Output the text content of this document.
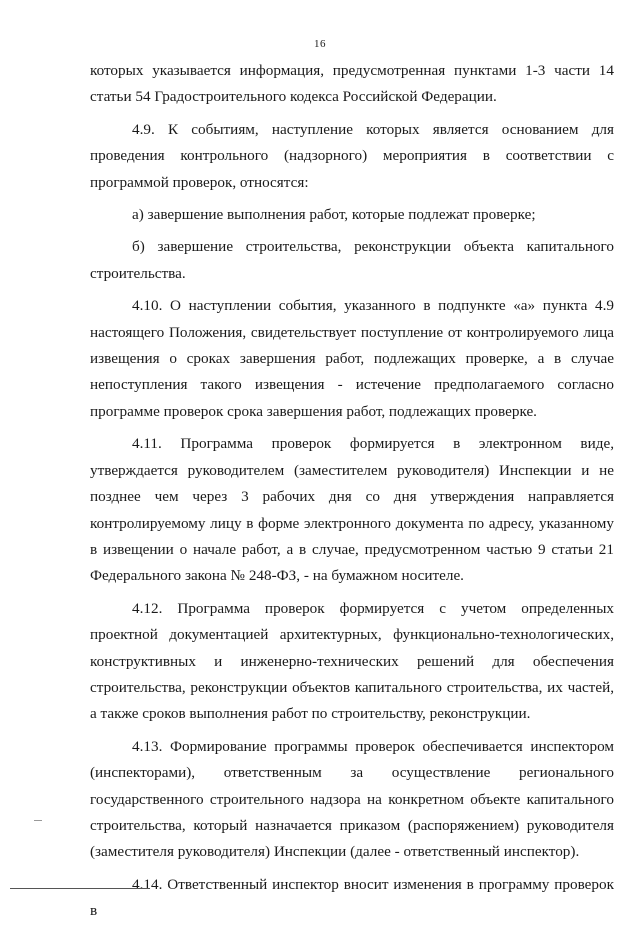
16

которых указывается информация, предусмотренная пунктами 1-3 части 14 статьи 54 Градостроительного кодекса Российской Федерации.

4.9. К событиям, наступление которых является основанием для проведения контрольного (надзорного) мероприятия в соответствии с программой проверок, относятся:

а) завершение выполнения работ, которые подлежат проверке;

б) завершение строительства, реконструкции объекта капитального строительства.

4.10. О наступлении события, указанного в подпункте «а» пункта 4.9 настоящего Положения, свидетельствует поступление от контролируемого лица извещения о сроках завершения работ, подлежащих проверке, а в случае непоступления такого извещения - истечение предполагаемого согласно программе проверок срока завершения работ, подлежащих проверке.

4.11. Программа проверок формируется в электронном виде, утверждается руководителем (заместителем руководителя) Инспекции и не позднее чем через 3 рабочих дня со дня утверждения направляется контролируемому лицу в форме электронного документа по адресу, указанному в извещении о начале работ, а в случае, предусмотренном частью 9 статьи 21 Федерального закона № 248-ФЗ, - на бумажном носителе.

4.12. Программа проверок формируется с учетом определенных проектной документацией архитектурных, функционально-технологических, конструктивных и инженерно-технических решений для обеспечения строительства, реконструкции объектов капитального строительства, их частей, а также сроков выполнения работ по строительству, реконструкции.

4.13. Формирование программы проверок обеспечивается инспектором (инспекторами), ответственным за осуществление регионального государственного строительного надзора на конкретном объекте капитального строительства, который назначается приказом (распоряжением) руководителя (заместителя руководителя) Инспекции (далее - ответственный инспектор).

4.14. Ответственный инспектор вносит изменения в программу проверок в
